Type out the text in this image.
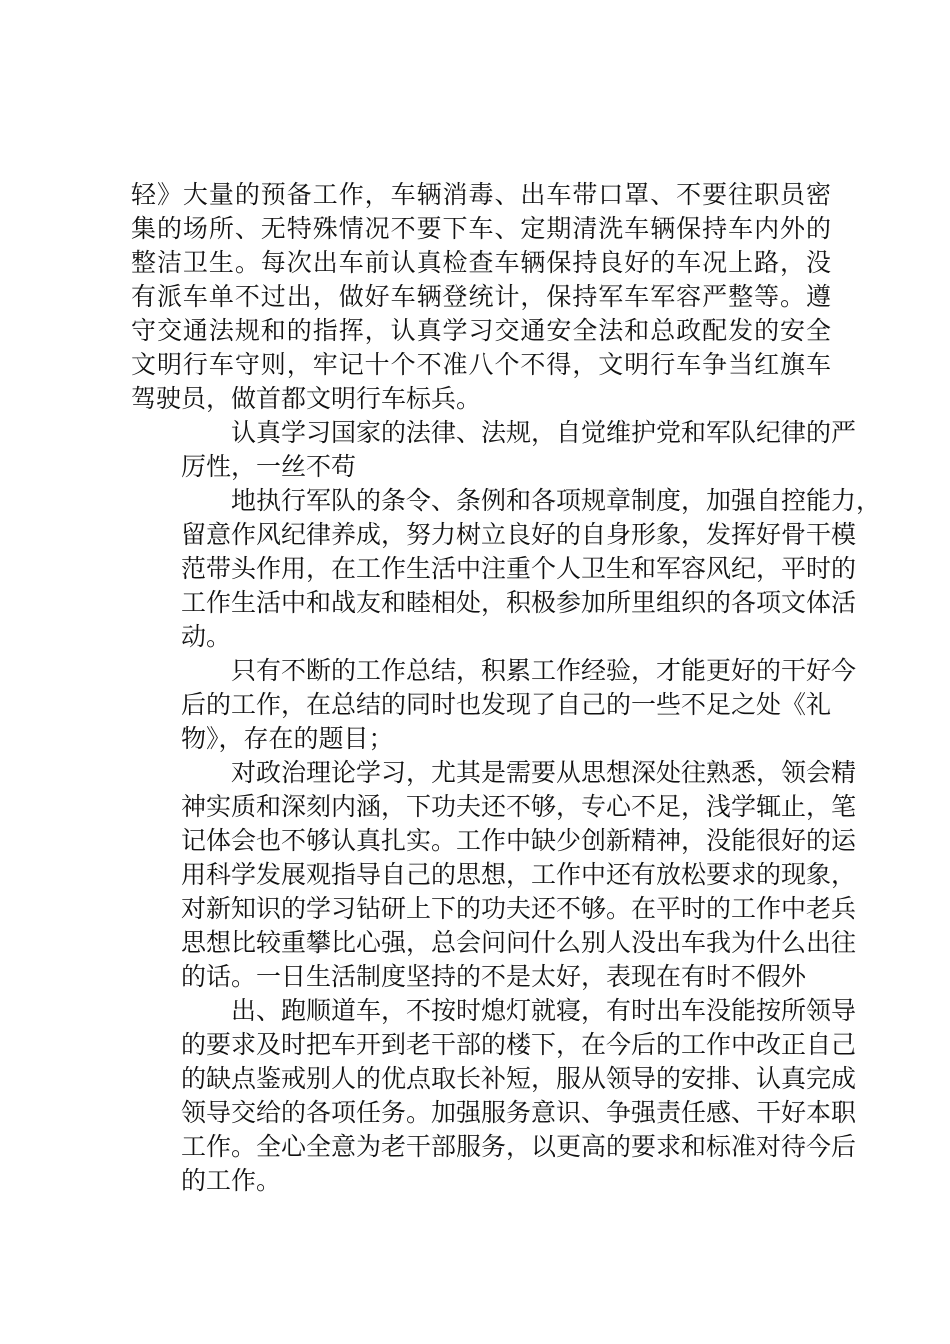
轻》大量的预备工作，车辆消毒、出车带口罩、不要往职员密
集的场所、无特殊情况不要下车、定期清洗车辆保持车内外的
整洁卫生。每次出车前认真检查车辆保持良好的车况上路，没
有派车单不过出，做好车辆登统计，保持军车军容严整等。遵
守交通法规和的指挥，认真学习交通安全法和总政配发的安全
文明行车守则，牢记十个不准八个不得，文明行车争当红旗车
驾驶员，做首都文明行车标兵。
认真学习国家的法律、法规，自觉维护党和军队纪律的严
厉性，一丝不苟
地执行军队的条令、条例和各项规章制度，加强自控能力，
留意作风纪律养成，努力树立良好的自身形象，发挥好骨干模
范带头作用，在工作生活中注重个人卫生和军容风纪，平时的
工作生活中和战友和睦相处，积极参加所里组织的各项文体活
动。
只有不断的工作总结，积累工作经验，才能更好的干好今
后的工作，在总结的同时也发现了自己的一些不足之处《礼
物》，存在的题目；
对政治理论学习，尤其是需要从思想深处往熟悉，领会精
神实质和深刻内涵，下功夫还不够，专心不足，浅学辄止，笔
记体会也不够认真扎实。工作中缺少创新精神，没能很好的运
用科学发展观指导自己的思想，工作中还有放松要求的现象，
对新知识的学习钻研上下的功夫还不够。在平时的工作中老兵
思想比较重攀比心强，总会问问什么别人没出车我为什么出往
的话。一日生活制度坚持的不是太好，表现在有时不假外
出、跑顺道车，不按时熄灯就寝，有时出车没能按所领导
的要求及时把车开到老干部的楼下，在今后的工作中改正自己
的缺点鉴戒别人的优点取长补短，服从领导的安排、认真完成
领导交给的各项任务。加强服务意识、争强责任感、干好本职
工作。全心全意为老干部服务，以更高的要求和标准对待今后
的工作。
